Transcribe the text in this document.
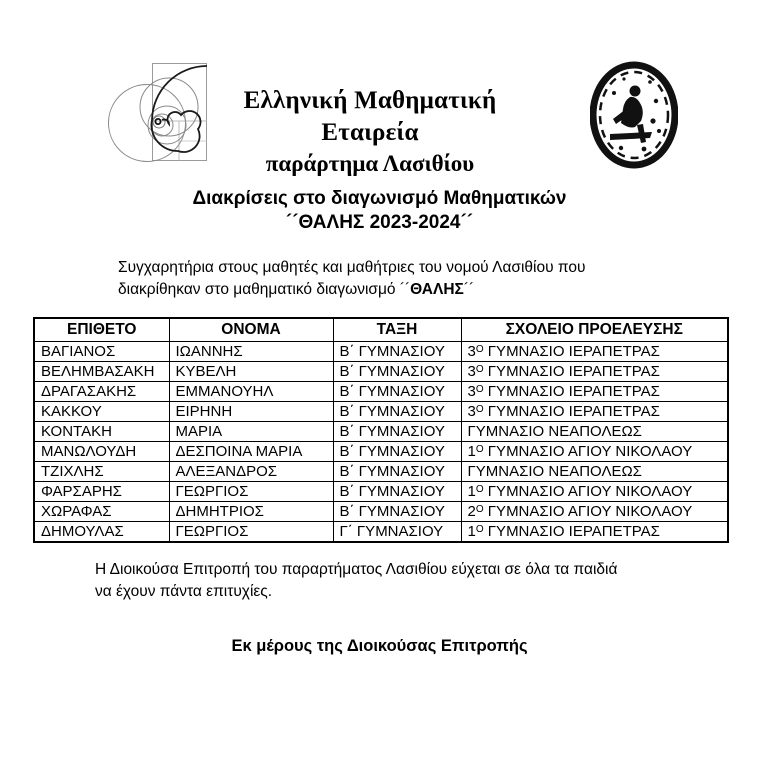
Ελληνική Μαθηματική Εταιρεία
παράρτημα Λασιθίου
Διακρίσεις στο διαγωνισμό Μαθηματικών
´´ΘΑΛΗΣ 2023-2024´´
Συγχαρητήρια στους μαθητές και μαθήτριες του νομού Λασιθίου που
διακρίθηκαν στο μαθηματικό διαγωνισμό ´´ΘΑΛΗΣ´´
ΕΠΙΘΕΤΟ	ΟΝΟΜΑ	ΤΑΞΗ	ΣΧΟΛΕΙΟ ΠΡΟΕΛΕΥΣΗΣ
ΒΑΓΙΑΝΟΣ	ΙΩΑΝΝΗΣ	Β΄ ΓΥΜΝΑΣΙΟΥ	$3^O$ ΓΥΜΝΑΣΙΟ ΙΕΡΑΠΕΤΡΑΣ
ΒΕΛΗΜΒΑΣΑΚΗ	ΚΥΒΕΛΗ	Β΄ ΓΥΜΝΑΣΙΟΥ	$3^O$ ΓΥΜΝΑΣΙΟ ΙΕΡΑΠΕΤΡΑΣ
ΔΡΑΓΑΣΑΚΗΣ	ΕΜΜΑΝΟΥΗΛ	Β΄ ΓΥΜΝΑΣΙΟΥ	$3^O$ ΓΥΜΝΑΣΙΟ ΙΕΡΑΠΕΤΡΑΣ
ΚΑΚΚΟΥ	ΕΙΡΗΝΗ	Β΄ ΓΥΜΝΑΣΙΟΥ	$3^O$ ΓΥΜΝΑΣΙΟ ΙΕΡΑΠΕΤΡΑΣ
ΚΟΝΤΑΚΗ	ΜΑΡΙΑ	Β΄ ΓΥΜΝΑΣΙΟΥ	ΓΥΜΝΑΣΙΟ ΝΕΑΠΟΛΕΩΣ
ΜΑΝΩΛΟΥΔΗ	ΔΕΣΠΟΙΝΑ ΜΑΡΙΑ	Β΄ ΓΥΜΝΑΣΙΟΥ	$1^O$ ΓΥΜΝΑΣΙΟ ΑΓΙΟΥ ΝΙΚΟΛΑΟΥ
ΤΖΙΧΛΗΣ	ΑΛΕΞΑΝΔΡΟΣ	Β΄ ΓΥΜΝΑΣΙΟΥ	ΓΥΜΝΑΣΙΟ ΝΕΑΠΟΛΕΩΣ
ΦΑΡΣΑΡΗΣ	ΓΕΩΡΓΙΟΣ	Β΄ ΓΥΜΝΑΣΙΟΥ	$1^O$ ΓΥΜΝΑΣΙΟ ΑΓΙΟΥ ΝΙΚΟΛΑΟΥ
ΧΩΡΑΦΑΣ	ΔΗΜΗΤΡΙΟΣ	Β΄ ΓΥΜΝΑΣΙΟΥ	$2^O$ ΓΥΜΝΑΣΙΟ ΑΓΙΟΥ ΝΙΚΟΛΑΟΥ
ΔΗΜΟΥΛΑΣ	ΓΕΩΡΓΙΟΣ	Γ΄ ΓΥΜΝΑΣΙΟΥ	$1^O$ ΓΥΜΝΑΣΙΟ ΙΕΡΑΠΕΤΡΑΣ
Η Διοικούσα Επιτροπή του παραρτήματος Λασιθίου εύχεται σε όλα τα παιδιά
να έχουν πάντα επιτυχίες.
Εκ μέρους της Διοικούσας Επιτροπής
